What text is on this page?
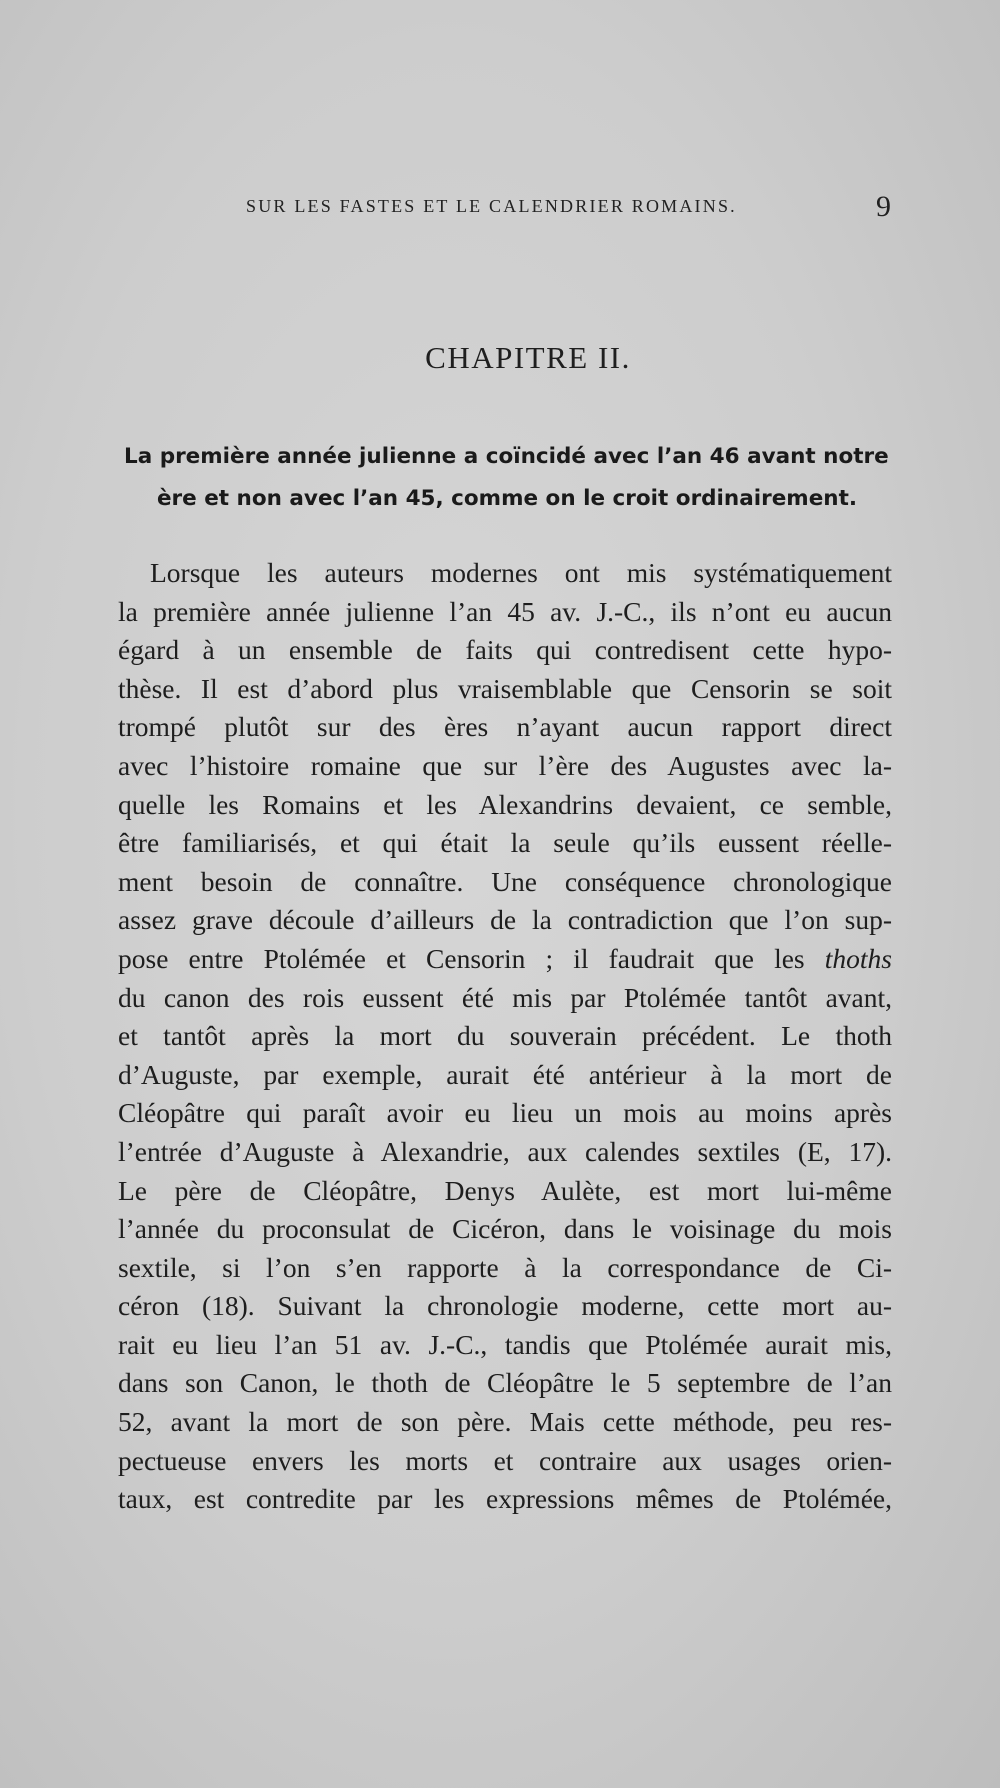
SUR LES FASTES ET LE CALENDRIER ROMAINS.	9
CHAPITRE II.
La première année julienne a coïncidé avec l’an 46 avant notre
ère et non avec l’an 45, comme on le croit ordinairement.
Lorsque les auteurs modernes ont mis systématiquement
la première année julienne l’an 45 av. J.-C., ils n’ont eu aucun
égard à un ensemble de faits qui contredisent cette hypo-
thèse. Il est d’abord plus vraisemblable que Censorin se soit
trompé plutôt sur des ères n’ayant aucun rapport direct
avec l’histoire romaine que sur l’ère des Augustes avec la-
quelle les Romains et les Alexandrins devaient, ce semble,
être familiarisés, et qui était la seule qu’ils eussent réelle-
ment besoin de connaître. Une conséquence chronologique
assez grave découle d’ailleurs de la contradiction que l’on sup-
pose entre Ptolémée et Censorin ; il faudrait que les thoths
du canon des rois eussent été mis par Ptolémée tantôt avant,
et tantôt après la mort du souverain précédent. Le thoth
d’Auguste, par exemple, aurait été antérieur à la mort de
Cléopâtre qui paraît avoir eu lieu un mois au moins après
l’entrée d’Auguste à Alexandrie, aux calendes sextiles (E, 17).
Le père de Cléopâtre, Denys Aulète, est mort lui-même
l’année du proconsulat de Cicéron, dans le voisinage du mois
sextile, si l’on s’en rapporte à la correspondance de Ci-
céron (18). Suivant la chronologie moderne, cette mort au-
rait eu lieu l’an 51 av. J.-C., tandis que Ptolémée aurait mis,
dans son Canon, le thoth de Cléopâtre le 5 septembre de l’an
52, avant la mort de son père. Mais cette méthode, peu res-
pectueuse envers les morts et contraire aux usages orien-
taux, est contredite par les expressions mêmes de Ptolémée,
